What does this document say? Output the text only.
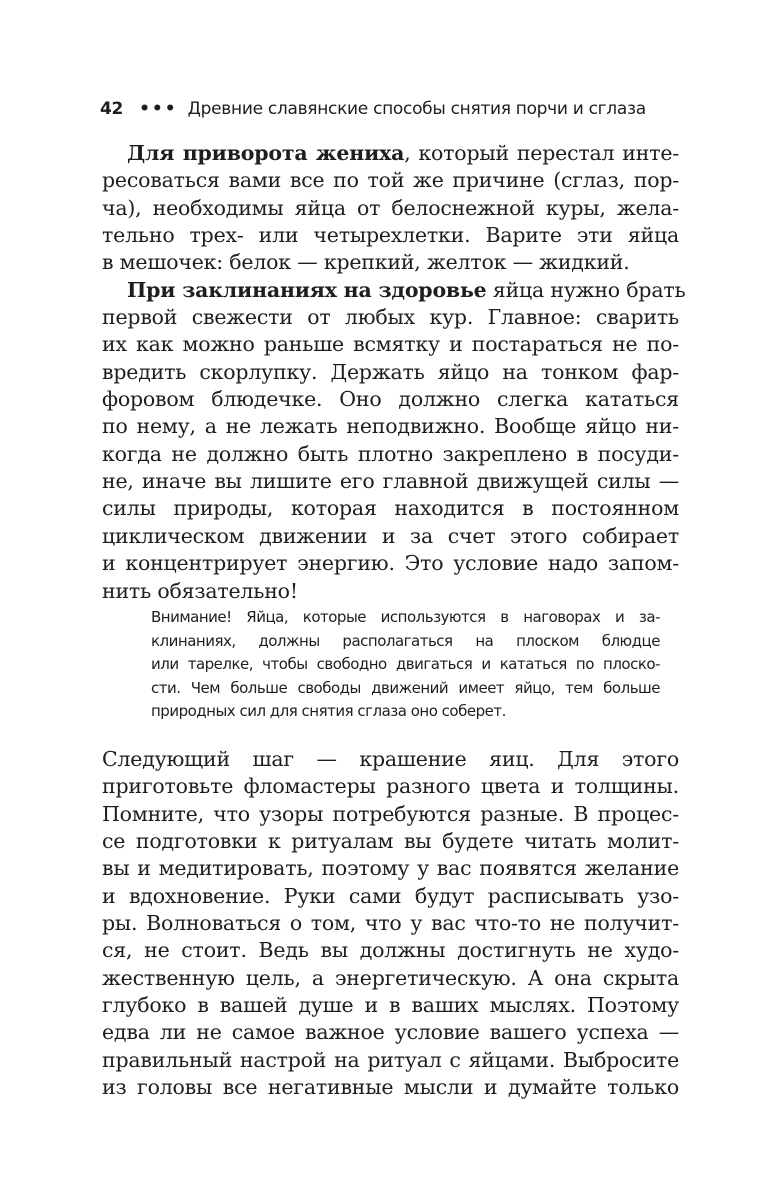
42 ••• Древние славянские способы снятия порчи и сглаза
Для приворота жениха, который перестал инте-
ресоваться вами все по той же причине (сглаз, пор-
ча), необходимы яйца от белоснежной куры, жела-
тельно трех- или четырехлетки. Варите эти яйца
в мешочек: белок — крепкий, желток — жидкий.
При заклинаниях на здоровье яйца нужно брать
первой свежести от любых кур. Главное: сварить
их как можно раньше всмятку и постараться не по-
вредить скорлупку. Держать яйцо на тонком фар-
форовом блюдечке. Оно должно слегка кататься
по нему, а не лежать неподвижно. Вообще яйцо ни-
когда не должно быть плотно закреплено в посуди-
не, иначе вы лишите его главной движущей силы —
силы природы, которая находится в постоянном
циклическом движении и за счет этого собирает
и концентрирует энергию. Это условие надо запом-
нить обязательно!
Внимание! Яйца, которые используются в наговорах и за-
клинаниях, должны располагаться на плоском блюдце
или тарелке, чтобы свободно двигаться и кататься по плоско-
сти. Чем больше свободы движений имеет яйцо, тем больше
природных сил для снятия сглаза оно соберет.
Следующий шаг — крашение яиц. Для этого
приготовьте фломастеры разного цвета и толщины.
Помните, что узоры потребуются разные. В процес-
се подготовки к ритуалам вы будете читать молит-
вы и медитировать, поэтому у вас появятся желание
и вдохновение. Руки сами будут расписывать узо-
ры. Волноваться о том, что у вас что-то не получит-
ся, не стоит. Ведь вы должны достигнуть не худо-
жественную цель, а энергетическую. А она скрыта
глубоко в вашей душе и в ваших мыслях. Поэтому
едва ли не самое важное условие вашего успеха —
правильный настрой на ритуал с яйцами. Выбросите
из головы все негативные мысли и думайте только
